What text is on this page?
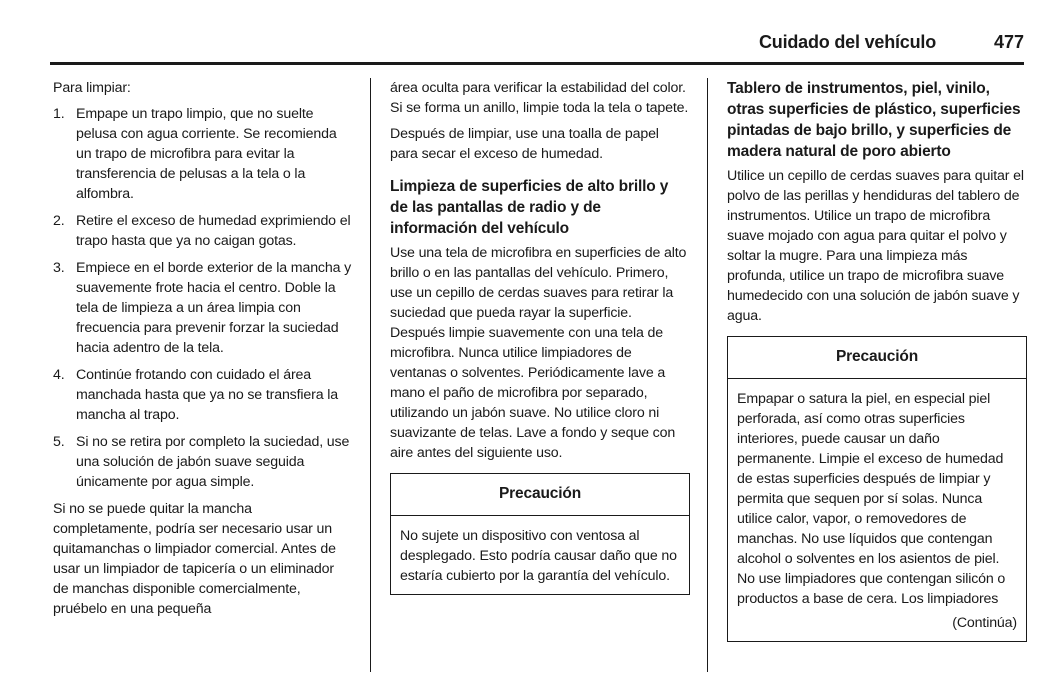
Cuidado del vehículo	477

Para limpiar:

1. Empape un trapo limpio, que no suelte pelusa con agua corriente. Se recomienda un trapo de microfibra para evitar la transferencia de pelusas a la tela o la alfombra.
2. Retire el exceso de humedad exprimiendo el trapo hasta que ya no caigan gotas.
3. Empiece en el borde exterior de la mancha y suavemente frote hacia el centro. Doble la tela de limpieza a un área limpia con frecuencia para prevenir forzar la suciedad hacia adentro de la tela.
4. Continúe frotando con cuidado el área manchada hasta que ya no se transfiera la mancha al trapo.
5. Si no se retira por completo la suciedad, use una solución de jabón suave seguida únicamente por agua simple.

Si no se puede quitar la mancha completamente, podría ser necesario usar un quitamanchas o limpiador comercial. Antes de usar un limpiador de tapicería o un eliminador de manchas disponible comercialmente, pruébelo en una pequeña

área oculta para verificar la estabilidad del color. Si se forma un anillo, limpie toda la tela o tapete.

Después de limpiar, use una toalla de papel para secar el exceso de humedad.

Limpieza de superficies de alto brillo y de las pantallas de radio y de información del vehículo

Use una tela de microfibra en superficies de alto brillo o en las pantallas del vehículo. Primero, use un cepillo de cerdas suaves para retirar la suciedad que pueda rayar la superficie. Después limpie suavemente con una tela de microfibra. Nunca utilice limpiadores de ventanas o solventes. Periódicamente lave a mano el paño de microfibra por separado, utilizando un jabón suave. No utilice cloro ni suavizante de telas. Lave a fondo y seque con aire antes del siguiente uso.

Precaución

No sujete un dispositivo con ventosa al desplegado. Esto podría causar daño que no estaría cubierto por la garantía del vehículo.

Tablero de instrumentos, piel, vinilo, otras superficies de plástico, superficies pintadas de bajo brillo, y superficies de madera natural de poro abierto

Utilice un cepillo de cerdas suaves para quitar el polvo de las perillas y hendiduras del tablero de instrumentos. Utilice un trapo de microfibra suave mojado con agua para quitar el polvo y soltar la mugre. Para una limpieza más profunda, utilice un trapo de microfibra suave humedecido con una solución de jabón suave y agua.

Precaución

Empapar o satura la piel, en especial piel perforada, así como otras superficies interiores, puede causar un daño permanente. Limpie el exceso de humedad de estas superficies después de limpiar y permita que sequen por sí solas. Nunca utilice calor, vapor, o removedores de manchas. No use líquidos que contengan alcohol o solventes en los asientos de piel. No use limpiadores que contengan silicón o productos a base de cera. Los limpiadores

(Continúa)
